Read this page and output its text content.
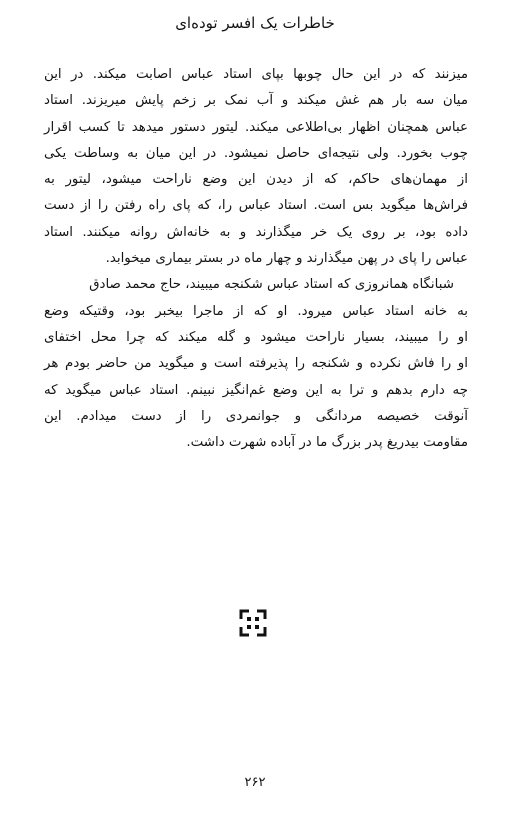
خاطرات یک افسر توده‌ای
میزنند که در این حال چوبها بپای استاد عباس اصابت میکند. در این
میان سه بار هم غش میکند و آب نمک بر زخم پایش میریزند. استاد
عباس همچنان اظهار بی‌اطلاعی میکند. لیتور دستور میدهد تا کسب اقرار
چوب بخورد. ولی نتیجه‌ای حاصل نمیشود. در این میان به وساطت یکی
از مهمان‌های حاکم، که از دیدن این وضع ناراحت میشود، لیتور به
فراش‌ها میگوید بس است. استاد عباس را، که پای راه رفتن را از دست
داده بود، بر روی یک خر میگذارند و به خانه‌اش روانه میکنند. استاد
عباس را پای در پهن میگذارند و چهار ماه در بستر بیماری میخوابد.
شبانگاه همانروزی که استاد عباس شکنجه میبیند، حاج محمد صادق
به خانه استاد عباس میرود. او که از ماجرا بیخبر بود، وقتیکه وضع
او را میبیند، بسیار ناراحت میشود و گله میکند که چرا محل اختفای
او را فاش نکرده و شکنجه را پذیرفته است و میگوید من حاضر بودم هر
چه دارم بدهم و ترا به این وضع غم‌انگیز نبینم. استاد عباس میگوید که
آنوقت خصیصه مردانگی و جوانمردی را از دست میدادم. این
مقاومت بیدریغ پدر بزرگ ما در آباده شهرت داشت.
۲۶۲
